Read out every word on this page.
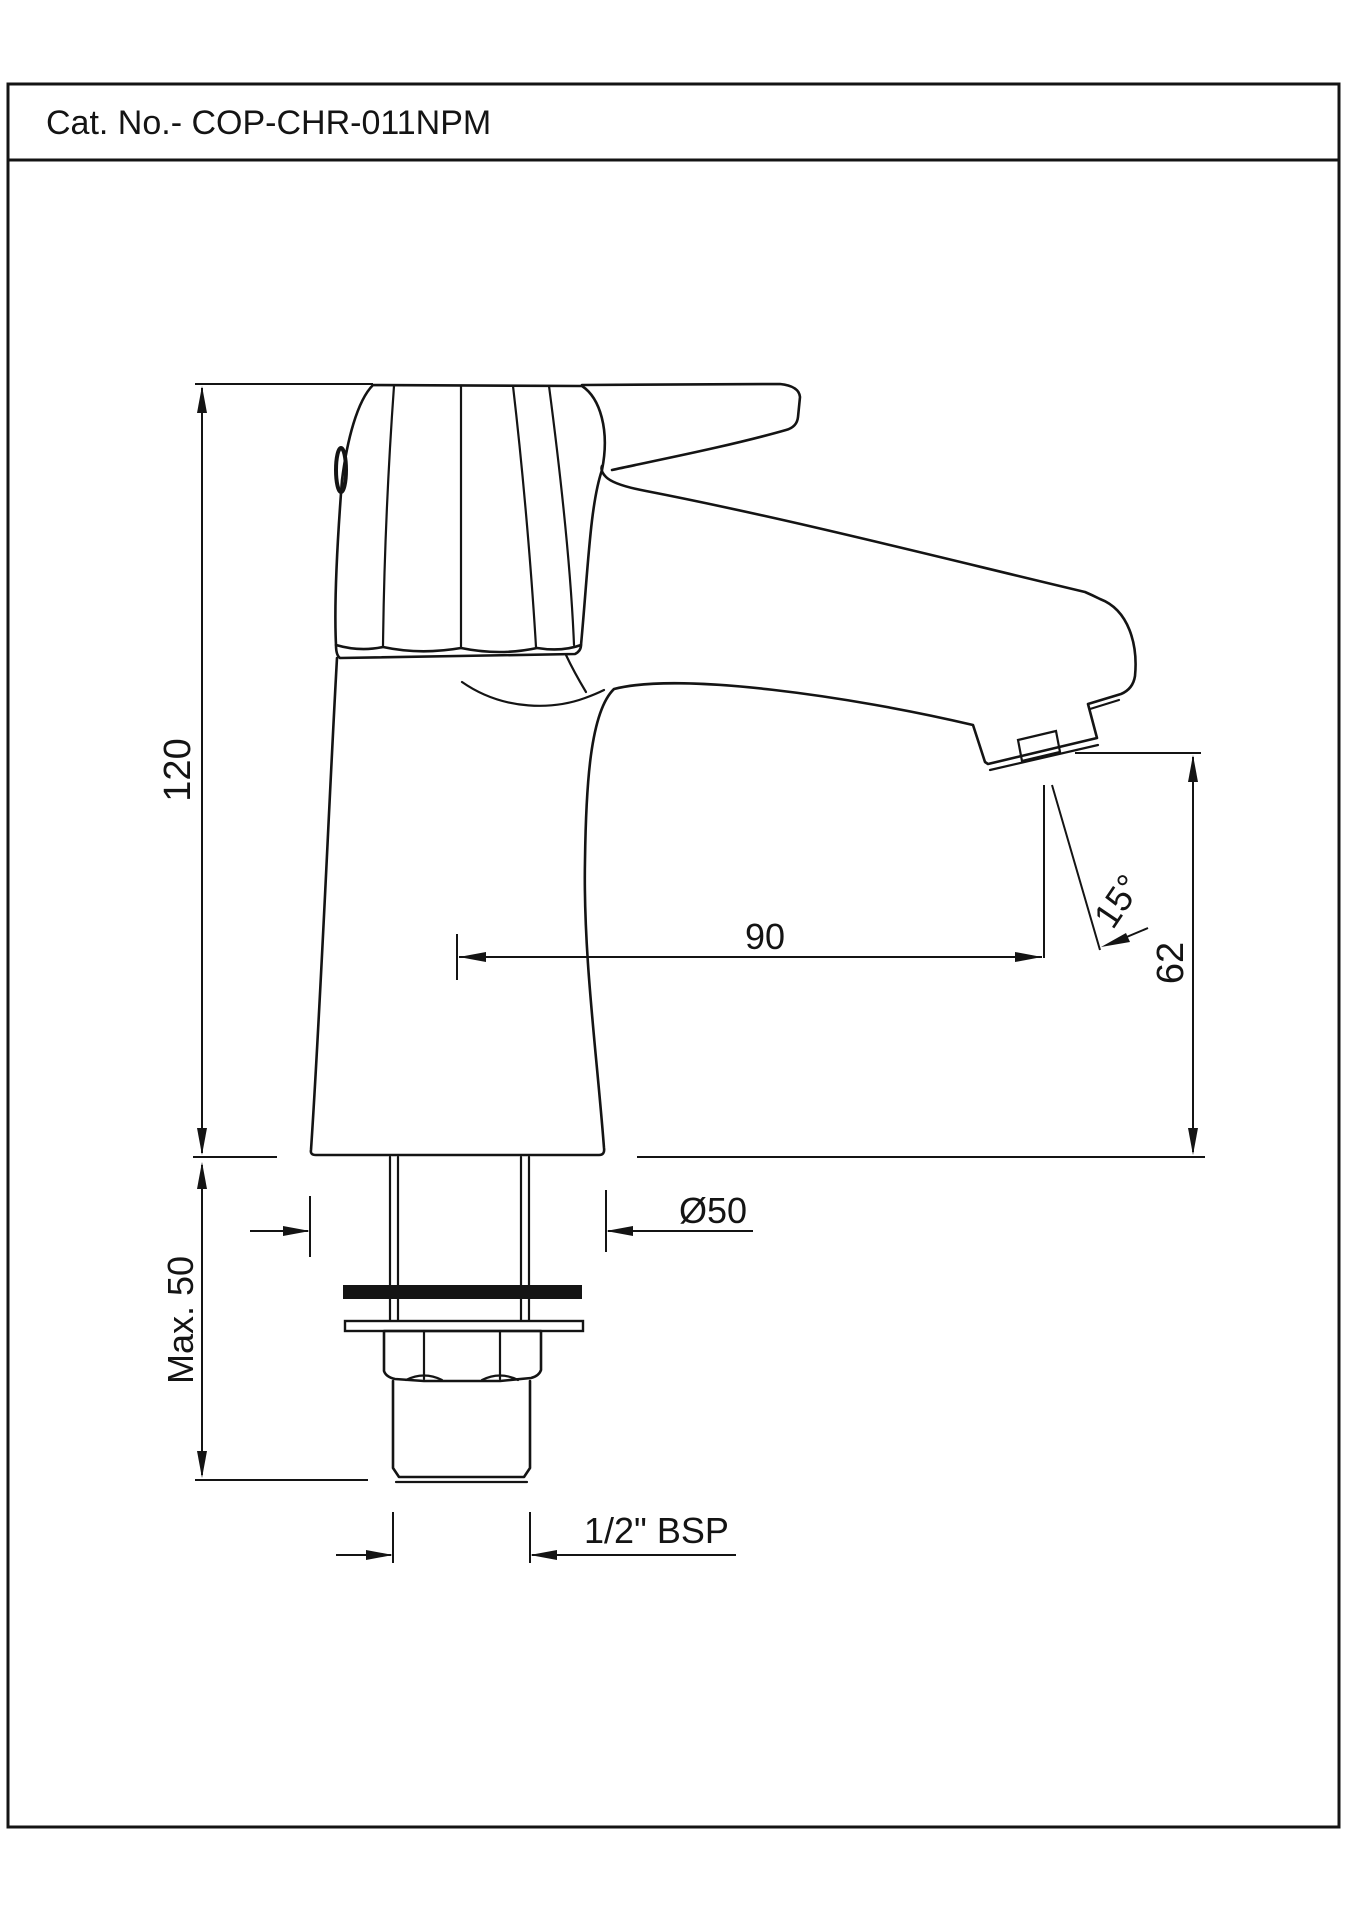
Cat. No.- COP-CHR-011NPM
120
Max. 50
90
15°
62
Ø50
1/2" BSP
